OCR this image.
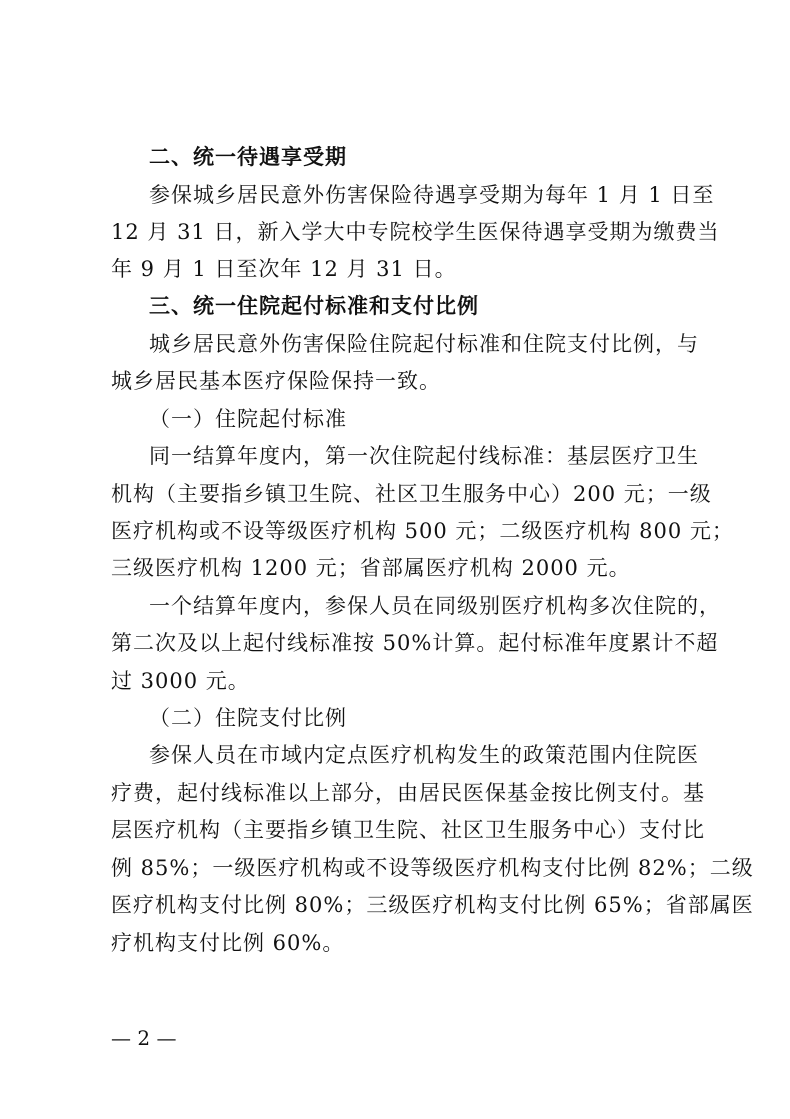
二、统一待遇享受期
参保城乡居民意外伤害保险待遇享受期为每年 1 月 1 日至
12 月 31 日，新入学大中专院校学生医保待遇享受期为缴费当
年 9 月 1 日至次年 12 月 31 日。
三、统一住院起付标准和支付比例
城乡居民意外伤害保险住院起付标准和住院支付比例，与
城乡居民基本医疗保险保持一致。
（一）住院起付标准
同一结算年度内，第一次住院起付线标准：基层医疗卫生
机构（主要指乡镇卫生院、社区卫生服务中心）200 元；一级
医疗机构或不设等级医疗机构 500 元；二级医疗机构 800 元；
三级医疗机构 1200 元；省部属医疗机构 2000 元。
一个结算年度内，参保人员在同级别医疗机构多次住院的，
第二次及以上起付线标准按 50%计算。起付标准年度累计不超
过 3000 元。
（二）住院支付比例
参保人员在市域内定点医疗机构发生的政策范围内住院医
疗费，起付线标准以上部分，由居民医保基金按比例支付。基
层医疗机构（主要指乡镇卫生院、社区卫生服务中心）支付比
例 85%；一级医疗机构或不设等级医疗机构支付比例 82%；二级
医疗机构支付比例 80%；三级医疗机构支付比例 65%；省部属医
疗机构支付比例 60%。
— 2 —
